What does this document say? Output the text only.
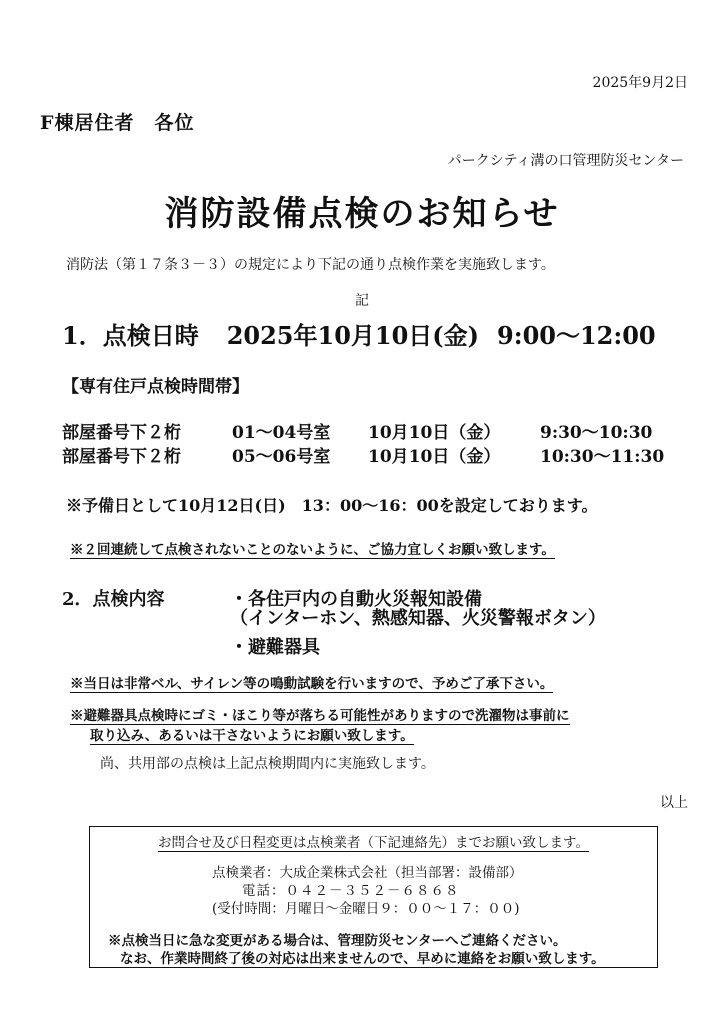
2025年9月2日
F棟居住者　各位
パークシティ溝の口管理防災センター
消防設備点検のお知らせ
消防法（第１７条３－３）の規定により下記の通り点検作業を実施致します。
記
1．点検日時 2025年10月10日(金) 9:00〜12:00
【専有住戸点検時間帯】
部屋番号下２桁	01〜04号室 10月10日（金） 9:30〜10:30
部屋番号下２桁	05〜06号室 10月10日（金） 10:30〜11:30
※予備日として10月12日(日)　13：00〜16：00を設定しております。
※２回連続して点検されないことのないように、ご協力宜しくお願い致します。
2．点検内容	・各住戸内の自動火災報知設備
（インターホン、熱感知器、火災警報ボタン）
・避難器具
※当日は非常ベル、サイレン等の鳴動試験を行いますので、予めご了承下さい。
※避難器具点検時にゴミ・ほこり等が落ちる可能性がありますので洗濯物は事前に
取り込み、あるいは干さないようにお願い致します。
尚、共用部の点検は上記点検期間内に実施致します。
以上
お問合せ及び日程変更は点検業者（下記連絡先）までお願い致します。
点検業者：大成企業株式会社（担当部署：設備部）
電話：０４２－３５２－６８６８
(受付時間：月曜日〜金曜日９：００〜１７：００)
※点検当日に急な変更がある場合は、管理防災センターへご連絡ください。
なお、作業時間終了後の対応は出来ませんので、早めに連絡をお願い致します。
